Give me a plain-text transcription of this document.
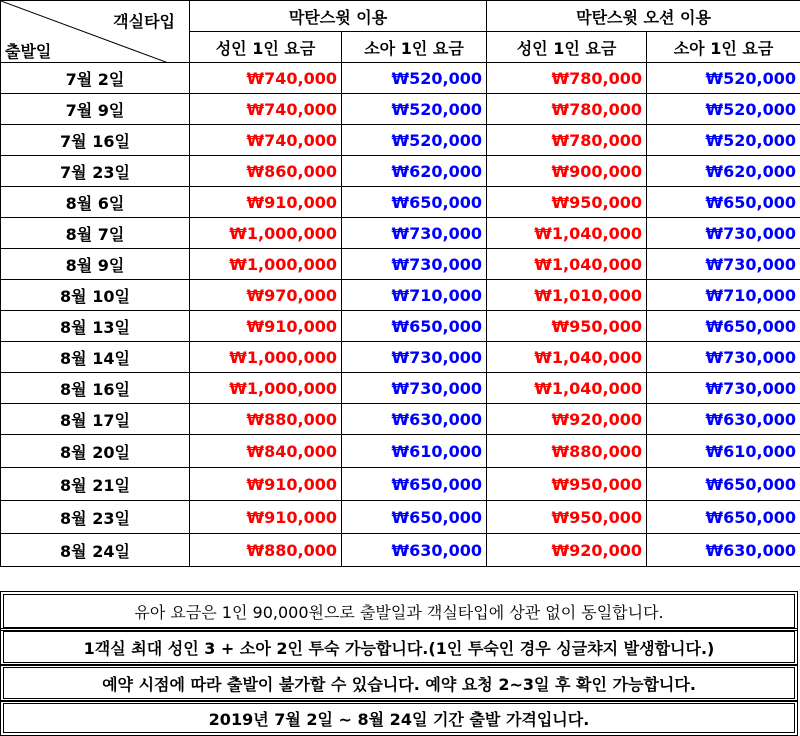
객실타입
출발일	막탄스윗 이용		막탄스윗 오션 이용	
	성인 1인 요금	소아 1인 요금	성인 1인 요금	소아 1인 요금
7월 2일	₩740,000	₩520,000	₩780,000	₩520,000
7월 9일	₩740,000	₩520,000	₩780,000	₩520,000
7월 16일	₩740,000	₩520,000	₩780,000	₩520,000
7월 23일	₩860,000	₩620,000	₩900,000	₩620,000
8월 6일	₩910,000	₩650,000	₩950,000	₩650,000
8월 7일	₩1,000,000	₩730,000	₩1,040,000	₩730,000
8월 9일	₩1,000,000	₩730,000	₩1,040,000	₩730,000
8월 10일	₩970,000	₩710,000	₩1,010,000	₩710,000
8월 13일	₩910,000	₩650,000	₩950,000	₩650,000
8월 14일	₩1,000,000	₩730,000	₩1,040,000	₩730,000
8월 16일	₩1,000,000	₩730,000	₩1,040,000	₩730,000
8월 17일	₩880,000	₩630,000	₩920,000	₩630,000
8월 20일	₩840,000	₩610,000	₩880,000	₩610,000
8월 21일	₩910,000	₩650,000	₩950,000	₩650,000
8월 23일	₩910,000	₩650,000	₩950,000	₩650,000
8월 24일	₩880,000	₩630,000	₩920,000	₩630,000
유아 요금은 1인 90,000원으로 출발일과 객실타입에 상관 없이 동일합니다.
1객실 최대 성인 3 + 소아 2인 투숙 가능합니다.(1인 투숙인 경우 싱글챠지 발생합니다.)
예약 시점에 따라 출발이 불가할 수 있습니다. 예약 요청 2~3일 후 확인 가능합니다.
2019년 7월 2일 ~ 8월 24일 기간 출발 가격입니다.
